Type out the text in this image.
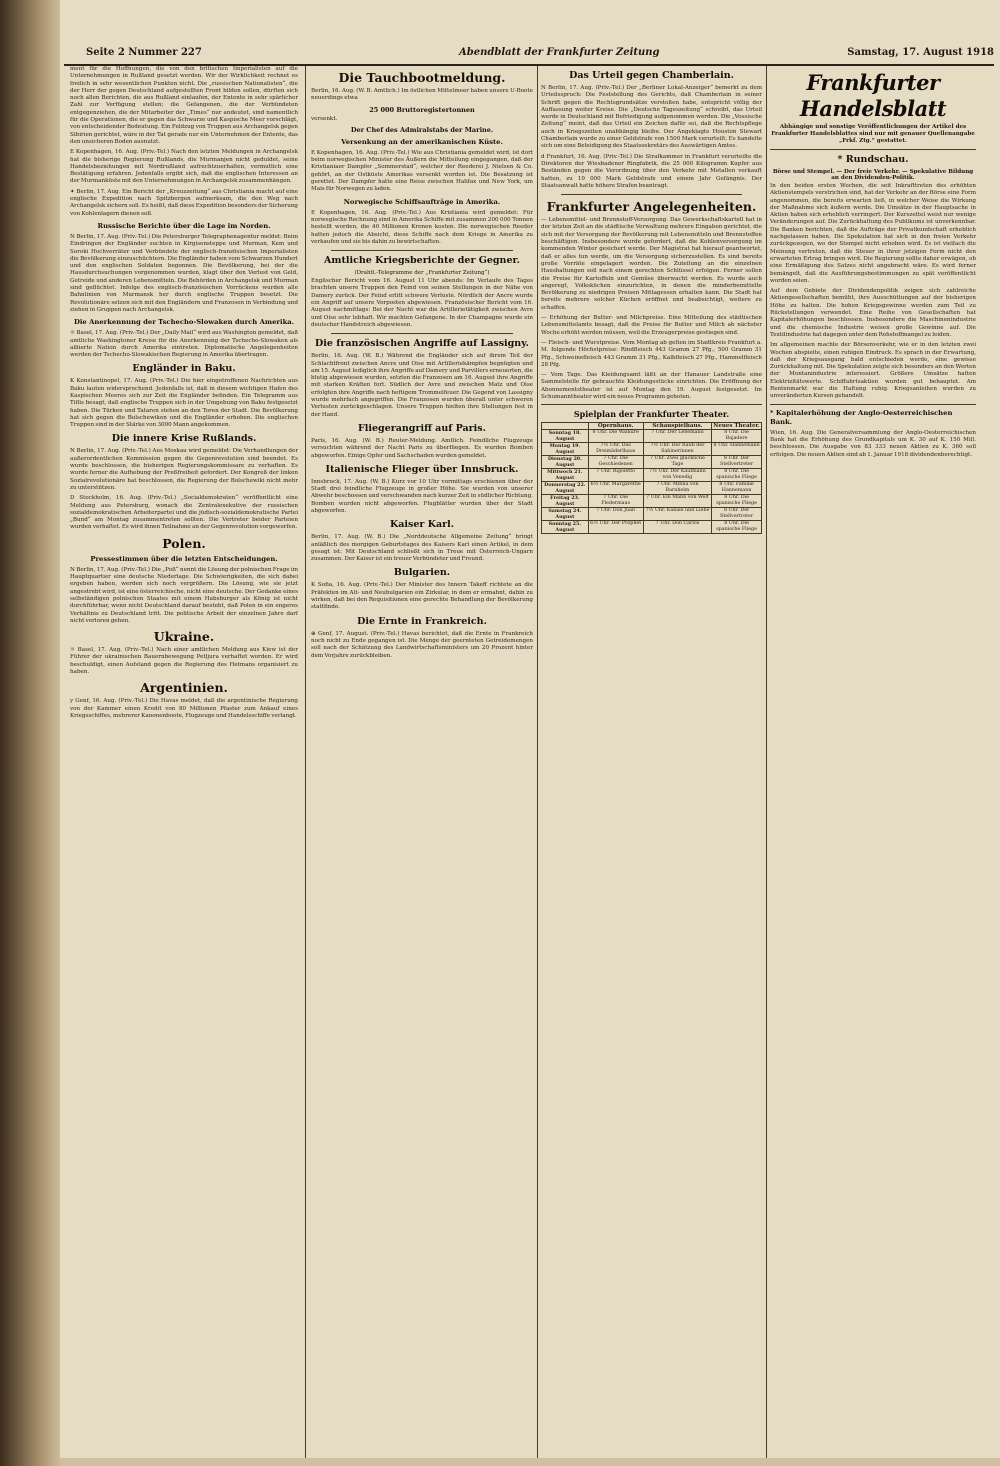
Seite 2 Nummer 227	Abendblatt der Frankfurter Zeitung	Samstag, 17. August 1918

ment für die Hoffnungen, die von den britischen Imperialisten auf die Unternehmungen in Rußland gesetzt werden. Wir der Wirklichkeit rechnet es freilich in sehr wesentlichen Punkten nicht. Die „russischen Nationalisten“, die der Herr der gegen Deutschland aufgestellten Front bilden sollen, dürften sich noch allen Berichten, die aus Rußland einlaufen, der Entente in sehr spärlicher Zahl zur Verfügung stellen; die Gefangenen, die der Verbündeten entgegenziehen, die der Mitarbeiter der „Times“ nur andeutet, sind namentlich für die Operationen, die er gegen das Schwarze und Kaspische Meer vorschlägt, von entscheidender Bedeutung. Ein Feldzug von Truppen aus Archangelsk gegen Sibirien gerichtet, wäre in der Tat gerade nur ein Unternehmen der Entente, das den unsicheren Boden ausnutzt.

E Kopenhagen, 16. Aug. (Priv.-Tel.) Nach den letzten Meldungen in Archangelsk hat die bisherige Regierung Rußlands, die Murmanjen nicht geduldet, seine Handelsbeziehungen mit Nordrußland aufrechtzuerhalten, vermutlich eine Bestätigung erfahren. Jedenfalls ergibt sich, daß die englischen Interessen an der Murmanküste mit den Unternehmungen in Archangelsk zusammenhängen.

✦ Berlin, 17. Aug. Ein Bericht der „Kreuzzeitung“ aus Christiania macht auf eine englische Expedition nach Spitzbergen aufmerksam, die den Weg nach Archangelsk sichern soll. Es heißt, daß diese Expedition besonders der Sicherung von Kohlenlagern dienen soll.

Russische Berichte über die Lage im Norden.

N Berlin, 17. Aug. (Priv.-Tel.) Die Petersburger Telegraphenagentur meldet: Beim Eindringen der Engländer suchten in Kirgisensteppe und Murman, Kem und Soroki Hochverräter und Verbündete der englisch-französischen Imperialisten die Bevölkerung einzuschüchtern. Die Engländer haben vom Schwarzen Hundert und den englischen Soldaten begonnen. Die Bevölkerung, bei der die Hausdurchsuchungen vorgenommen wurden, klagt über den Verlust von Geld, Getreide und anderen Lebensmitteln. Die Behörden in Archangelsk und Murman sind geflüchtet. Infolge des englisch-französischen Vorrückens wurden alle Bahnlinien von Murmansk her durch englische Truppen besetzt. Die Revolutionäre setzen sich mit den Engländern und Franzosen in Verbindung und ziehen in Gruppen nach Archangelsk.

Die Anerkennung der Tschecho-Slowaken durch Amerika.

☼ Basel, 17. Aug. (Priv.-Tel.) Der „Daily Mail“ wird aus Washington gemeldet, daß amtliche Washingtoner Kreise für die Anerkennung der Tschecho-Slowaken als alliierte Nation durch Amerika eintreten. Diplomatische Angelegenheiten werden der Tschecho-Slowakischen Regierung in Amerika übertragen.

Engländer in Baku.

K Konstantinopel, 17. Aug. (Priv.-Tel.) Die hier eingetroffenen Nachrichten aus Baku lauten widersprechend. Jedenfalls ist, daß in diesem wichtigen Hafen des Kaspischen Meeres sich zur Zeit die Engländer befinden. Ein Telegramm aus Tiflis besagt, daß englische Truppen sich in der Umgebung von Baku festgesetzt haben. Die Türken und Tataren stehen an den Toren der Stadt. Die Bevölkerung hat sich gegen die Bolschewiken und die Engländer erhoben. Die englischen Truppen sind in der Stärke von 3000 Mann angekommen.

Die innere Krise Rußlands.

N Berlin, 17. Aug. (Priv.-Tel.) Aus Moskau wird gemeldet: Die Verhandlungen der außerordentlichen Kommission gegen die Gegenrevolution sind beendet. Es wurde beschlossen, die bisherigen Regierungskommissare zu verhaften. Es wurde ferner die Aufhebung der Preßfreiheit gefordert. Der Kongreß der linken Sozialrevolutionäre hat beschlossen, die Regierung der Bolschewiki nicht mehr zu unterstützen.

D Stockholm, 16. Aug. (Priv.-Tel.) „Socialdemokraten“ veröffentlicht eine Meldung aus Petersburg, wonach die Zentralexekutive der russischen sozialdemokratischen Arbeiterpartei und die jüdisch-sozialdemokratische Partei „Bund“ am Montag zusammentreten sollten. Die Vertreter beider Parteien wurden verhaftet. Es wird ihnen Teilnahme an der Gegenrevolution vorgeworfen.

Polen.
Pressestimmen über die letzten Entscheidungen.

N Berlin, 17. Aug. (Priv.-Tel.) Die „Poß“ nennt die Lösung der polnischen Frage im Hauptquartier eine deutsche Niederlage. Die Schwierigkeiten, die sich dabei ergeben haben, werden sich noch vergrößern. Die Lösung, wie sie jetzt angestrebt wird, ist eine österreichische, nicht eine deutsche. Der Gedanke eines selbständigen polnischen Staates mit einem Habsburger als König ist nicht durchführbar, wenn nicht Deutschland darauf besteht, daß Polen in ein engeres Verhältnis zu Deutschland tritt. Die politische Arbeit der einzelnen Jahre darf nicht verloren gehen.

Ukraine.

☼ Basel, 17. Aug. (Priv.-Tel.) Nach einer amtlichen Meldung aus Kiew ist der Führer der ukrainischen Bauernbewegung Petljura verhaftet worden. Er wird beschuldigt, einen Aufstand gegen die Regierung des Hetmans organisiert zu haben.

Argentinien.

y Genf, 16. Aug. (Priv.-Tel.) Die Havas meldet, daß die argentinische Regierung von der Kammer einen Kredit von 80 Millionen Pfaster zum Ankauf eines Kriegsschiffes, mehrerer Kanonenboote, Flugzeuge und Handelsschiffe verlangt.

Die Tauchbootmeldung.

Berlin, 16. Aug. (W. B. Amtlich.) Im östlichen Mittelmeer haben unsere U-Boote neuerdings etwa

25 000 Bruttoregistertonnen

versenkt.

Der Chef des Admiralstabs der Marine.
Versenkung an der amerikanischen Küste.

E Kopenhagen, 16. Aug. (Priv.-Tel.) Wie aus Christiania gemeldet wird, ist dort beim norwegischen Minister des Äußern die Mitteilung eingegangen, daß der Kristianiaer Dampfer „Sommerstad“, welcher der Reederei J. Nielsen & Co. gehört, an der Ostküste Amerikas versenkt worden ist. Die Besatzung ist gerettet. Der Dampfer hatte eine Reise zwischen Halifax und New York, um Mais für Norwegen zu laden.

Norwegische Schiffsaufträge in Amerika.

E Kopenhagen, 16. Aug. (Priv.-Tel.) Aus Kristiania wird gemeldet: Für norwegische Rechnung sind in Amerika Schiffe mit zusammen 200 000 Tonnen bestellt worden, die 40 Millionen Kronen kosten. Die norwegischen Reeder hatten jedoch die Absicht, diese Schiffe nach dem Kriege in Amerika zu verkaufen und sie bis dahin zu bewirtschaften.

Amtliche Kriegsberichte der Gegner.
(Drahtl.-Telegramme der „Frankfurter Zeitung“)

Englischer Bericht vom 16. August 11 Uhr abends: Im Verlaufe des Tages brachten unsere Truppen den Feind von seinen Stellungen in der Nähe von Damery zurück. Der Feind erlitt schwere Verluste. Nördlich der Ancre wurde ein Angriff auf unsere Vorposten abgewiesen. Französischer Bericht vom 16. August nachmittags: Bei der Nacht war die Artillerietätigkeit zwischen Avre und Oise sehr lebhaft. Wir machten Gefangene. In der Champagne wurde ein deutscher Handstreich abgewiesen.

Die französischen Angriffe auf Lassigny.

Berlin, 16. Aug. (W. B.) Während die Engländer sich auf ihrem Teil der Schlachtfront zwischen Ancre und Oise mit Artilleriekämpfen begnügten und am 15. August lediglich ihre Angriffe auf Damery und Parvillers erneuerten, die blutig abgewiesen wurden, setzten die Franzosen am 16. August ihre Angriffe mit starken Kräften fort. Südlich der Avre und zwischen Matz und Oise erfolgten ihre Angriffe nach heftigem Trommelfeuer. Die Gegend von Lassigny wurde mehrfach angegriffen. Die Franzosen wurden überall unter schweren Verlusten zurückgeschlagen. Unsere Truppen hielten ihre Stellungen fest in der Hand.

Fliegerangriff auf Paris.

Paris, 16. Aug. (W. B.) Reuter-Meldung. Amtlich. Feindliche Flugzeuge versuchten während der Nacht Paris zu überfliegen. Es wurden Bomben abgeworfen. Einige Opfer und Sachschaden wurden gemeldet.

Italienische Flieger über Innsbruck.

Innsbruck, 17. Aug. (W. B.) Kurz vor 10 Uhr vormittags erschienen über der Stadt drei feindliche Flugzeuge in großer Höhe. Sie wurden von unserer Abwehr beschossen und verschwanden nach kurzer Zeit in südlicher Richtung. Bomben wurden nicht abgeworfen. Flugblätter wurden über der Stadt abgeworfen.

Kaiser Karl.

Berlin, 17. Aug. (W. B.) Die „Norddeutsche Allgemeine Zeitung“ bringt anläßlich des morgigen Geburtstages des Kaisers Karl einen Artikel, in dem gesagt ist: Mit Deutschland schließt sich in Treue mit Österreich-Ungarn zusammen. Der Kaiser ist ein treuer Verbündeter und Freund.

Bulgarien.

K Sofia, 16. Aug. (Priv.-Tel.) Der Minister des Innern Takeff richtete an die Präfekten im Alt- und Neubulgarien ein Zirkular, in dem er ermahnt, dahin zu wirken, daß bei den Requisitionen eine gerechte Behandlung der Bevölkerung stattfinde.

Die Ernte in Frankreich.

⊕ Genf, 17. August. (Priv.-Tel.) Havas berichtet, daß die Ernte in Frankreich noch nicht zu Ende gegangen ist. Die Menge der geernteten Getreidemengen soll nach der Schätzung des Landwirtschaftsministers um 20 Prozent hinter dem Vorjahre zurückbleiben.

Das Urteil gegen Chamberlain.

N Berlin, 17. Aug. (Priv.-Tel.) Der „Berliner Lokal-Anzeiger“ bemerkt zu dem Urteilsspruch: Die Feststellung des Gerichts, daß Chamberlain in seiner Schrift gegen die Rechtsgrundsätze verstoßen habe, entspricht völlig der Auffassung weiter Kreise. Die „Deutsche Tageszeitung“ schreibt, das Urteil werde in Deutschland mit Befriedigung aufgenommen werden. Die „Vossische Zeitung“ meint, daß das Urteil ein Zeichen dafür sei, daß die Rechtspflege auch in Kriegszeiten unabhängig bleibe. Der Angeklagte Houston Stewart Chamberlain wurde zu einer Geldstrafe von 1500 Mark verurteilt. Es handelte sich um eine Beleidigung des Staatssekretärs des Auswärtigen Amtes.

d Frankfurt, 16. Aug. (Priv.-Tel.) Die Strafkammer in Frankfurt verurteilte die Direktoren der Wiesbadener Ringfabrik, die 25 000 Kilogramm Kupfer aus Beständen gegen die Verordnung über den Verkehr mit Metallen verkauft hatten, zu 10 000 Mark Geldstrafe und einem Jahr Gefängnis. Der Staatsanwalt hatte höhere Strafen beantragt.

Frankfurter Angelegenheiten.

— Lebensmittel- und Brennstoff-Versorgung. Das Gewerkschaftskartell hat in der letzten Zeit an die städtische Verwaltung mehrere Eingaben gerichtet, die sich mit der Versorgung der Bevölkerung mit Lebensmitteln und Brennstoffen beschäftigen. Insbesondere wurde gefordert, daß die Kohlenversorgung im kommenden Winter gesichert werde. Der Magistrat hat hierauf geantwortet, daß er alles tun werde, um die Versorgung sicherzustellen. Es sind bereits große Vorräte eingelagert worden. Die Zuteilung an die einzelnen Haushaltungen soll nach einem gerechten Schlüssel erfolgen. Ferner sollen die Preise für Kartoffeln und Gemüse überwacht werden. Es wurde auch angeregt, Volksküchen einzurichten, in denen die minderbemittelte Bevölkerung zu niedrigen Preisen Mittagessen erhalten kann. Die Stadt hat bereits mehrere solcher Küchen eröffnet und beabsichtigt, weitere zu schaffen.

— Erhöhung der Butter- und Milchpreise. Eine Mitteilung des städtischen Lebensmittelamts besagt, daß die Preise für Butter und Milch ab nächster Woche erhöht werden müssen, weil die Erzeugerpreise gestiegen sind.

— Fleisch- und Wurstpreise. Vom Montag ab gelten im Stadtkreis Frankfurt a. M. folgende Höchstpreise: Rindfleisch 443 Gramm 27 Pfg., 500 Gramm 31 Pfg., Schweinefleisch 443 Gramm 31 Pfg., Kalbfleisch 27 Pfg., Hammelfleisch 28 Pfg.

— Vom Tage. Das Kleidungsamt läßt an der Hanauer Landstraße eine Sammelstelle für gebrauchte Kleidungsstücke einrichten. Die Eröffnung der Abonnementstheater ist auf Montag den 19. August festgesetzt. Im Schumanntheater wird ein neues Programm geboten.

Spielplan der Frankfurter Theater.
	Opernhaus.	Schauspielhaus.	Neues Theater.
Sonntag 18. August	8 Uhr. Die Walküre	7 Uhr. Der Lebemann	8 Uhr. Die Bajadere
Montag 19. August	7½ Uhr. Das Dreimäderlhaus	7½ Uhr. Der Raub der Sabinerinnen	8 Uhr. Hannemann
Dienstag 20. August	7 Uhr. Die Geschiedenen	7 Uhr. Zwei glückliche Tage	8 Uhr. Der Stellvertreter
Mittwoch 21. August	7 Uhr. Rigoletto	7½ Uhr. Der Kaufmann von Venedig	8 Uhr. Die spanische Fliege
Donnerstag 22. August	6½ Uhr. Margarethe	7 Uhr. Minna von Barnhelm	8 Uhr. Familie Hannemann
Freitag 23. August	7 Uhr. Die Fledermaus	7 Uhr. Ein Mann von Welt	8 Uhr. Die spanische Fliege
Samstag 24. August	7 Uhr. Don Juan	7½ Uhr. Kabale und Liebe	8 Uhr. Der Stellvertreter
Sonntag 25. August	6½ Uhr. Der Prophet	7 Uhr. Don Carlos	8 Uhr. Die spanische Fliege
Frankfurter Handelsblatt
Abhängige und sonstige Veröffentlichungen der Artikel des Frankfurter Handelsblattes sind nur mit genauer Quellenangabe „Frkf. Ztg.“ gestattet.
* Rundschau.
Börse und Stempel. — Der freie Verkehr. — Spekulative Bildung an den Dividenden-Politik.

In den beiden ersten Wochen, die seit Inkrafttreten des erhöhten Aktienstempels verstrichen sind, hat der Verkehr an der Börse eine Form angenommen, die bereits erwarten ließ, in welcher Weise die Wirkung der Maßnahme sich äußern werde. Die Umsätze in der Hauptsache in Aktien haben sich erheblich verringert. Der Kurszettel weist nur wenige Veränderungen auf. Die Zurückhaltung des Publikums ist unverkennbar. Die Banken berichten, daß die Aufträge der Privatkundschaft erheblich nachgelassen haben. Die Spekulation hat sich in den freien Verkehr zurückgezogen, wo der Stempel nicht erhoben wird. Es ist vielfach die Meinung vertreten, daß die Steuer in ihrer jetzigen Form nicht den erwarteten Ertrag bringen wird. Die Regierung sollte daher erwägen, ob eine Ermäßigung des Satzes nicht angebracht wäre. Es wird ferner bemängelt, daß die Ausführungsbestimmungen zu spät veröffentlicht worden seien.

Auf dem Gebiete der Dividendenpolitik zeigen sich zahlreiche Aktiengesellschaften bemüht, ihre Ausschüttungen auf der bisherigen Höhe zu halten. Die hohen Kriegsgewinne werden zum Teil zu Rückstellungen verwendet. Eine Reihe von Gesellschaften hat Kapitalerhöhungen beschlossen. Insbesondere die Maschinenindustrie und die chemische Industrie weisen große Gewinne auf. Die Textilindustrie hat dagegen unter dem Rohstoffmangel zu leiden.

Im allgemeinen machte der Börsenverkehr, wie er in den letzten zwei Wochen abspielte, einen ruhigen Eindruck. Es sprach in der Erwartung, daß der Kriegsausgang bald entschieden werde, eine gewisse Zurückhaltung mit. Die Spekulation zeigte sich besonders an den Werten der Montanindustrie interessiert. Größere Umsätze hatten Elektrizitätswerte. Schiffahrtsaktien wurden gut behauptet. Am Rentenmarkt war die Haltung ruhig. Kriegsanleihen wurden zu unveränderten Kursen gehandelt.

* Kapitalerhöhung der Anglo-Oesterreichischen Bank.

Wien, 16. Aug. Die Generalversammlung der Anglo-Oesterreichischen Bank hat die Erhöhung des Grundkapitals um K. 30 auf K. 150 Mill. beschlossen. Die Ausgabe von 83 333 neuen Aktien zu K. 360 soll erfolgen. Die neuen Aktien sind ab 1. Januar 1918 dividendenberechtigt.
